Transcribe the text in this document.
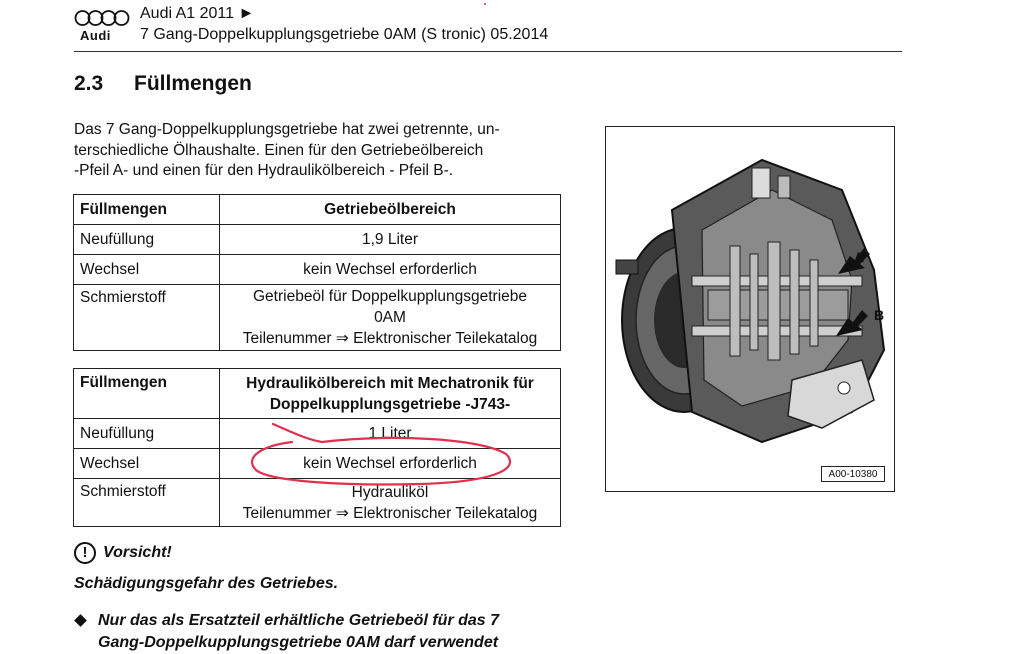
Audi
Audi A1 2011 ►
7 Gang-Doppelkupplungsgetriebe 0AM (S tronic) 05.2014
2.3 Füllmengen
Das 7 Gang-Doppelkupplungsgetriebe hat zwei getrennte, un-
terschiedliche Ölhaushalte. Einen für den Getriebeölbereich
-Pfeil A- und einen für den Hydraulikölbereich - Pfeil B-.
Füllmengen	Getriebeölbereich
Neufüllung	1,9 Liter
Wechsel	kein Wechsel erforderlich
Schmierstoff	Getriebeöl für Doppelkupplungsgetriebe
0AM
Teilenummer ⇒ Elektronischer Teilekatalog
Füllmengen	Hydraulikölbereich mit Mechatronik für
Doppelkupplungsgetriebe -J743-

Neufüllung	1 Liter
Wechsel	kein Wechsel erforderlich
Schmierstoff	Hydrauliköl
Teilenummer ⇒ Elektronischer Teilekatalog
A
B
A00-10380
! Vorsicht!
Schädigungsgefahr des Getriebes.
Nur das als Ersatzteil erhältliche Getriebeöl für das 7
Gang-Doppelkupplungsgetriebe 0AM darf verwendet
